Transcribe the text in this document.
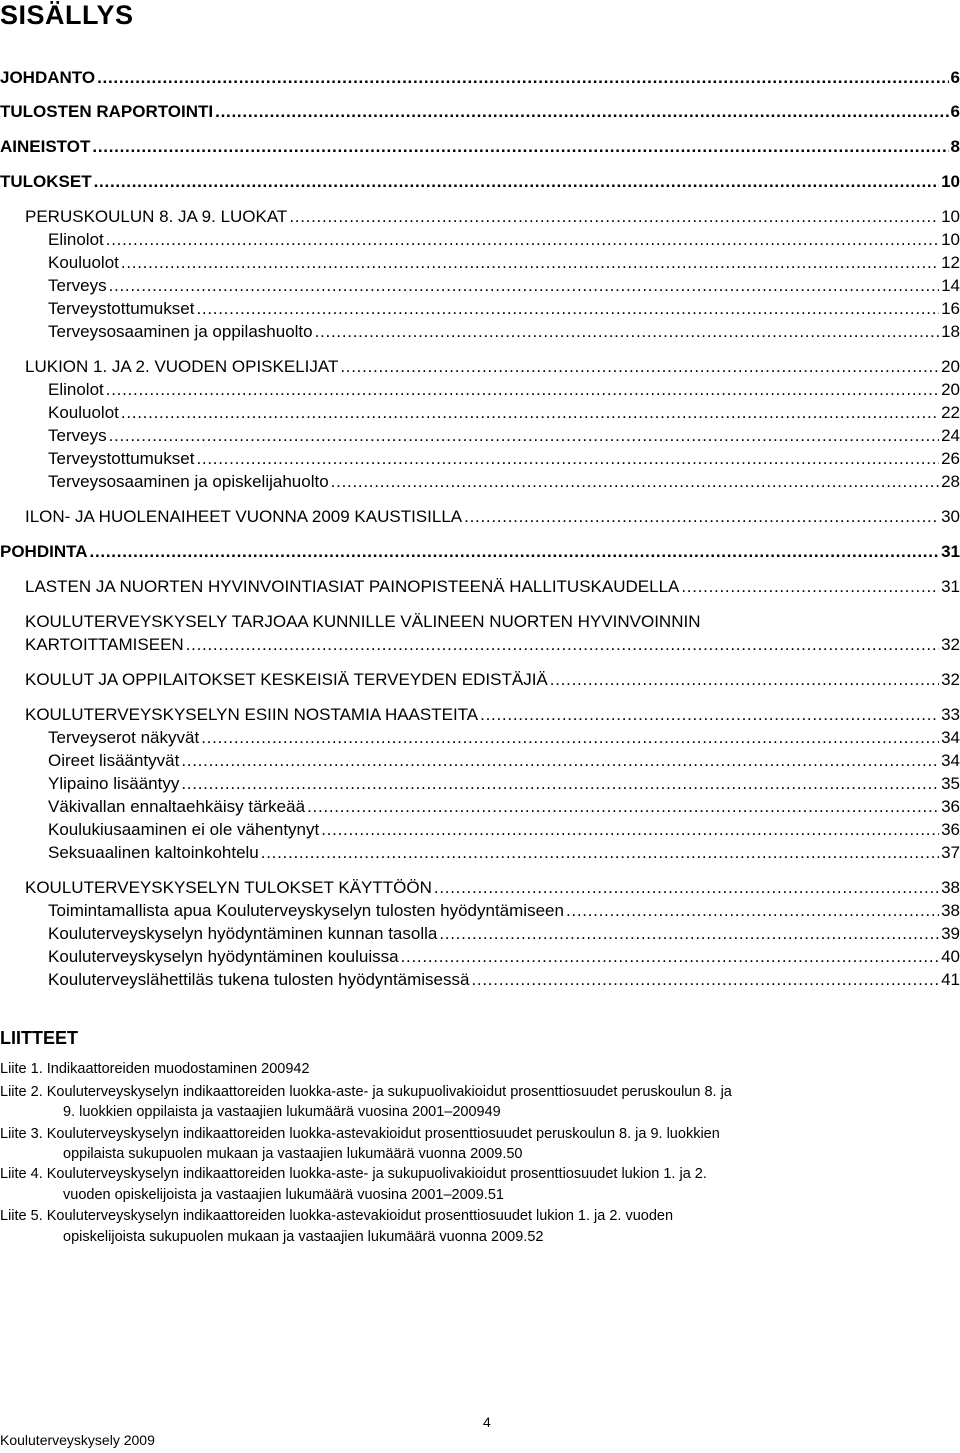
SISÄLLYS
JOHDANTO . . .	6
TULOSTEN RAPORTOINTI . . .	6
AINEISTOT . . .	8
TULOKSET . . .	10
PERUSKOULUN 8. JA 9. LUOKAT . . .	10
Elinolot . . .	10
Kouluolot . . .	12
Terveys . . .	14
Terveystottumukset . . .	16
Terveysosaaminen ja oppilashuolto . . .	18
LUKION 1. JA 2. VUODEN OPISKELIJAT . . .	20
Elinolot . . .	20
Kouluolot . . .	22
Terveys . . .	24
Terveystottumukset . . .	26
Terveysosaaminen ja opiskelijahuolto . . .	28
ILON- JA HUOLENAIHEET VUONNA 2009 KAUSTISILLA . . .	30
POHDINTA . . .	31
LASTEN JA NUORTEN HYVINVOINTIASIAT PAINOPISTEENÄ HALLITUSKAUDELLA . . .	31
KOULUTERVEYSKYSELY TARJOAA KUNNILLE VÄLINEEN NUORTEN HYVINVOINNIN
KARTOITTAMISEEN . . .	32
KOULUT JA OPPILAITOKSET KESKEISIÄ TERVEYDEN EDISTÄJIÄ . . .	32
KOULUTERVEYSKYSELYN ESIIN NOSTAMIA HAASTEITA . . .	33
Terveyserot näkyvät . . .	34
Oireet lisääntyvät . . .	34
Ylipaino lisääntyy . . .	35
Väkivallan ennaltaehkäisy tärkeää . . .	36
Koulukiusaaminen ei ole vähentynyt . . .	36
Seksuaalinen kaltoinkohtelu . . .	37
KOULUTERVEYSKYSELYN TULOKSET KÄYTTÖÖN . . .	38
Toimintamallista apua Kouluterveyskyselyn tulosten hyödyntämiseen . . .	38
Kouluterveyskyselyn hyödyntäminen kunnan tasolla . . .	39
Kouluterveyskyselyn hyödyntäminen kouluissa . . .	40
Kouluterveyslähettiläs tukena tulosten hyödyntämisessä . . .	41
LIITTEET
Liite 1. Indikaattoreiden muodostaminen 2009 42
Liite 2. Kouluterveyskyselyn indikaattoreiden luokka-aste- ja sukupuolivakioidut prosenttiosuudet peruskoulun 8. ja
9. luokkien oppilaista ja vastaajien lukumäärä vuosina 2001–2009 49
Liite 3. Kouluterveyskyselyn indikaattoreiden luokka-astevakioidut prosenttiosuudet peruskoulun 8. ja 9. luokkien
oppilaista sukupuolen mukaan ja vastaajien lukumäärä vuonna 2009. 50
Liite 4. Kouluterveyskyselyn indikaattoreiden luokka-aste- ja sukupuolivakioidut prosenttiosuudet lukion 1. ja 2.
vuoden opiskelijoista ja vastaajien lukumäärä vuosina 2001–2009. 51
Liite 5. Kouluterveyskyselyn indikaattoreiden luokka-astevakioidut prosenttiosuudet lukion 1. ja 2. vuoden
opiskelijoista sukupuolen mukaan ja vastaajien lukumäärä vuonna 2009. 52
4
Kouluterveyskysely 2009
